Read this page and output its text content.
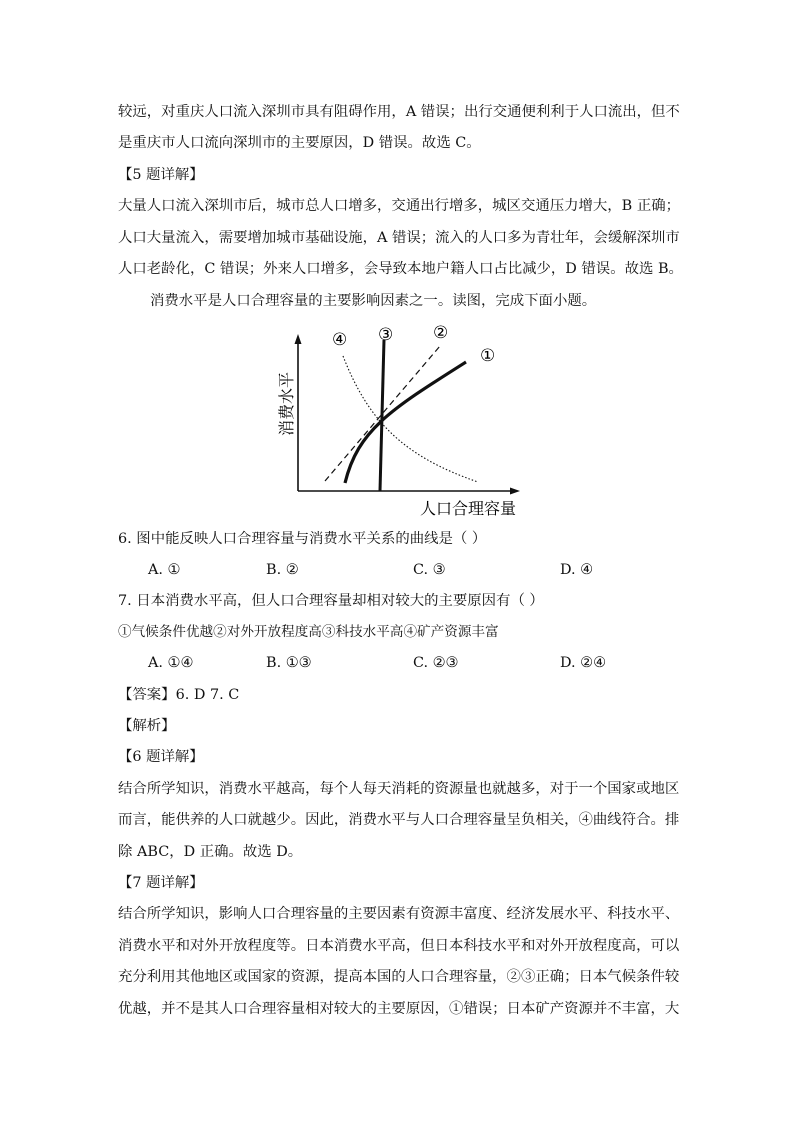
较远，对重庆人口流入深圳市具有阻碍作用，A 错误；出行交通便利利于人口流出，但不
是重庆市人口流向深圳市的主要原因，D 错误。故选 C。
【5 题详解】
大量人口流入深圳市后，城市总人口增多，交通出行增多，城区交通压力增大，B 正确；
人口大量流入，需要增加城市基础设施，A 错误；流入的人口多为青壮年，会缓解深圳市
人口老龄化，C 错误；外来人口增多，会导致本地户籍人口占比减少，D 错误。故选 B。
消费水平是人口合理容量的主要影响因素之一。读图，完成下面小题。
①
②
③
④
消费水平
人口合理容量
6. 图中能反映人口合理容量与消费水平关系的曲线是（ ）
A. ①	B. ②	C. ③	D. ④
7. 日本消费水平高，但人口合理容量却相对较大的主要原因有（ ）
①气候条件优越②对外开放程度高③科技水平高④矿产资源丰富
A. ①④	B. ①③	C. ②③	D. ②④
【答案】6. D 7. C
【解析】
【6 题详解】
结合所学知识，消费水平越高，每个人每天消耗的资源量也就越多，对于一个国家或地区
而言，能供养的人口就越少。因此，消费水平与人口合理容量呈负相关，④曲线符合。排
除 ABC，D 正确。故选 D。
【7 题详解】
结合所学知识，影响人口合理容量的主要因素有资源丰富度、经济发展水平、科技水平、
消费水平和对外开放程度等。日本消费水平高，但日本科技水平和对外开放程度高，可以
充分利用其他地区或国家的资源，提高本国的人口合理容量，②③正确；日本气候条件较
优越，并不是其人口合理容量相对较大的主要原因，①错误；日本矿产资源并不丰富，大
